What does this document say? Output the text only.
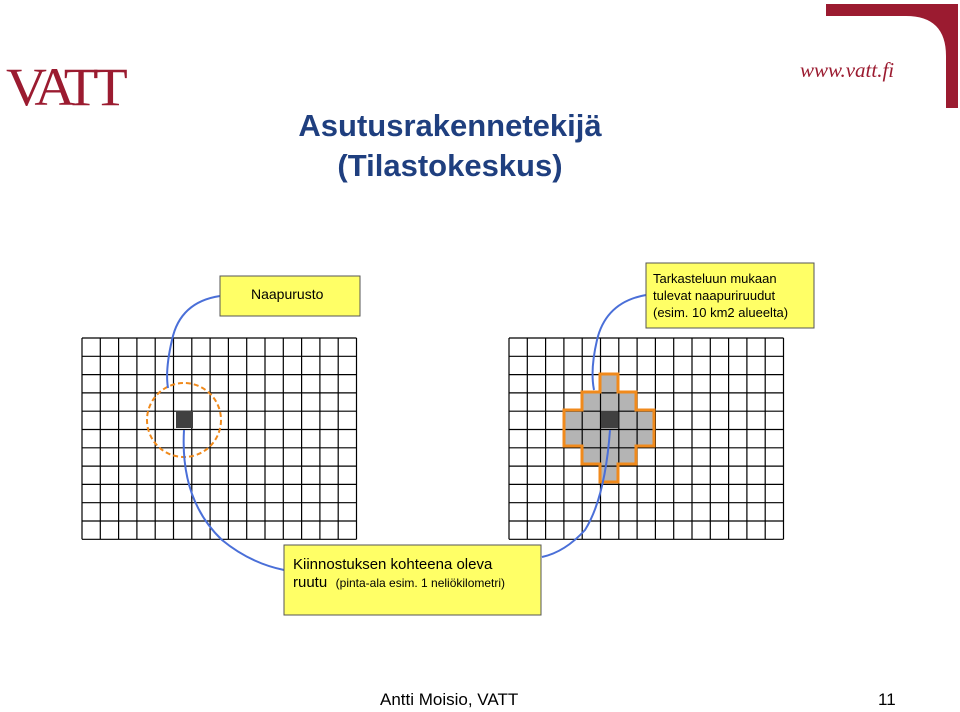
VATT	www.vatt.fi
Asutusrakennetekijä
(Tilastokeskus)
Naapurusto
Tarkasteluun mukaan
tulevat naapuriruudut
(esim. 10 km2 alueelta)
Kiinnostuksen kohteena oleva
ruutu (pinta-ala esim. 1 neliökilometri)
Antti Moisio, VATT	11
